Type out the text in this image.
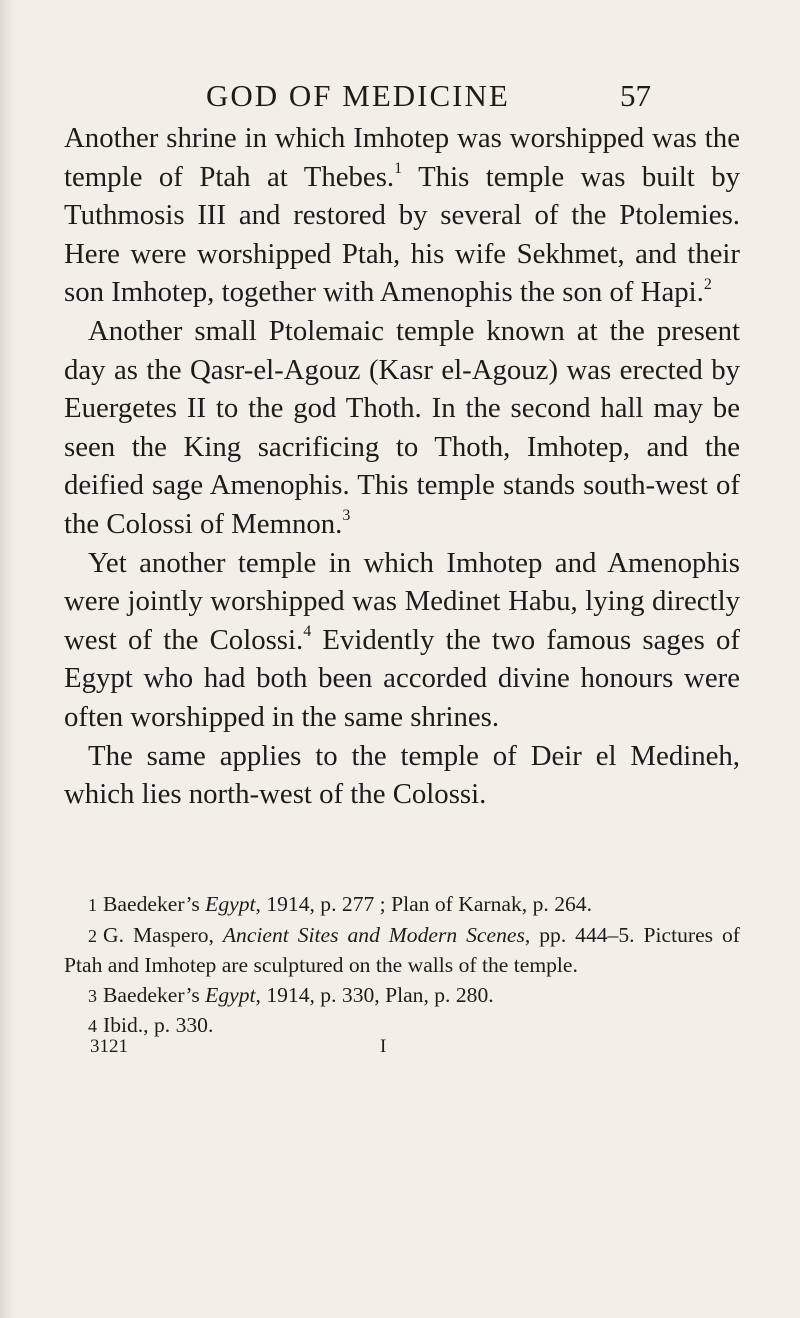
GOD OF MEDICINE	57

Another shrine in which Imhotep was worshipped was the temple of Ptah at Thebes.$^1$ This temple was built by Tuthmosis III and restored by several of the Ptolemies. Here were worshipped Ptah, his wife Sekhmet, and their son Imhotep, together with Amenophis the son of Hapi.$^2$

Another small Ptolemaic temple known at the present day as the Qasr-el-Agouz (Kasr el-Agouz) was erected by Euergetes II to the god Thoth. In the second hall may be seen the King sacrificing to Thoth, Imhotep, and the deified sage Amenophis. This temple stands south-west of the Colossi of Memnon.$^3$

Yet another temple in which Imhotep and Amenophis were jointly worshipped was Medinet Habu, lying directly west of the Colossi.$^4$ Evidently the two famous sages of Egypt who had both been accorded divine honours were often worshipped in the same shrines.

The same applies to the temple of Deir el Medineh, which lies north-west of the Colossi.

1 Baedeker’s Egypt, 1914, p. 277 ; Plan of Karnak, p. 264.

2 G. Maspero, Ancient Sites and Modern Scenes, pp. 444–5. Pictures of Ptah and Imhotep are sculptured on the walls of the temple.

3 Baedeker’s Egypt, 1914, p. 330, Plan, p. 280.

4 Ibid., p. 330.

3121	I
